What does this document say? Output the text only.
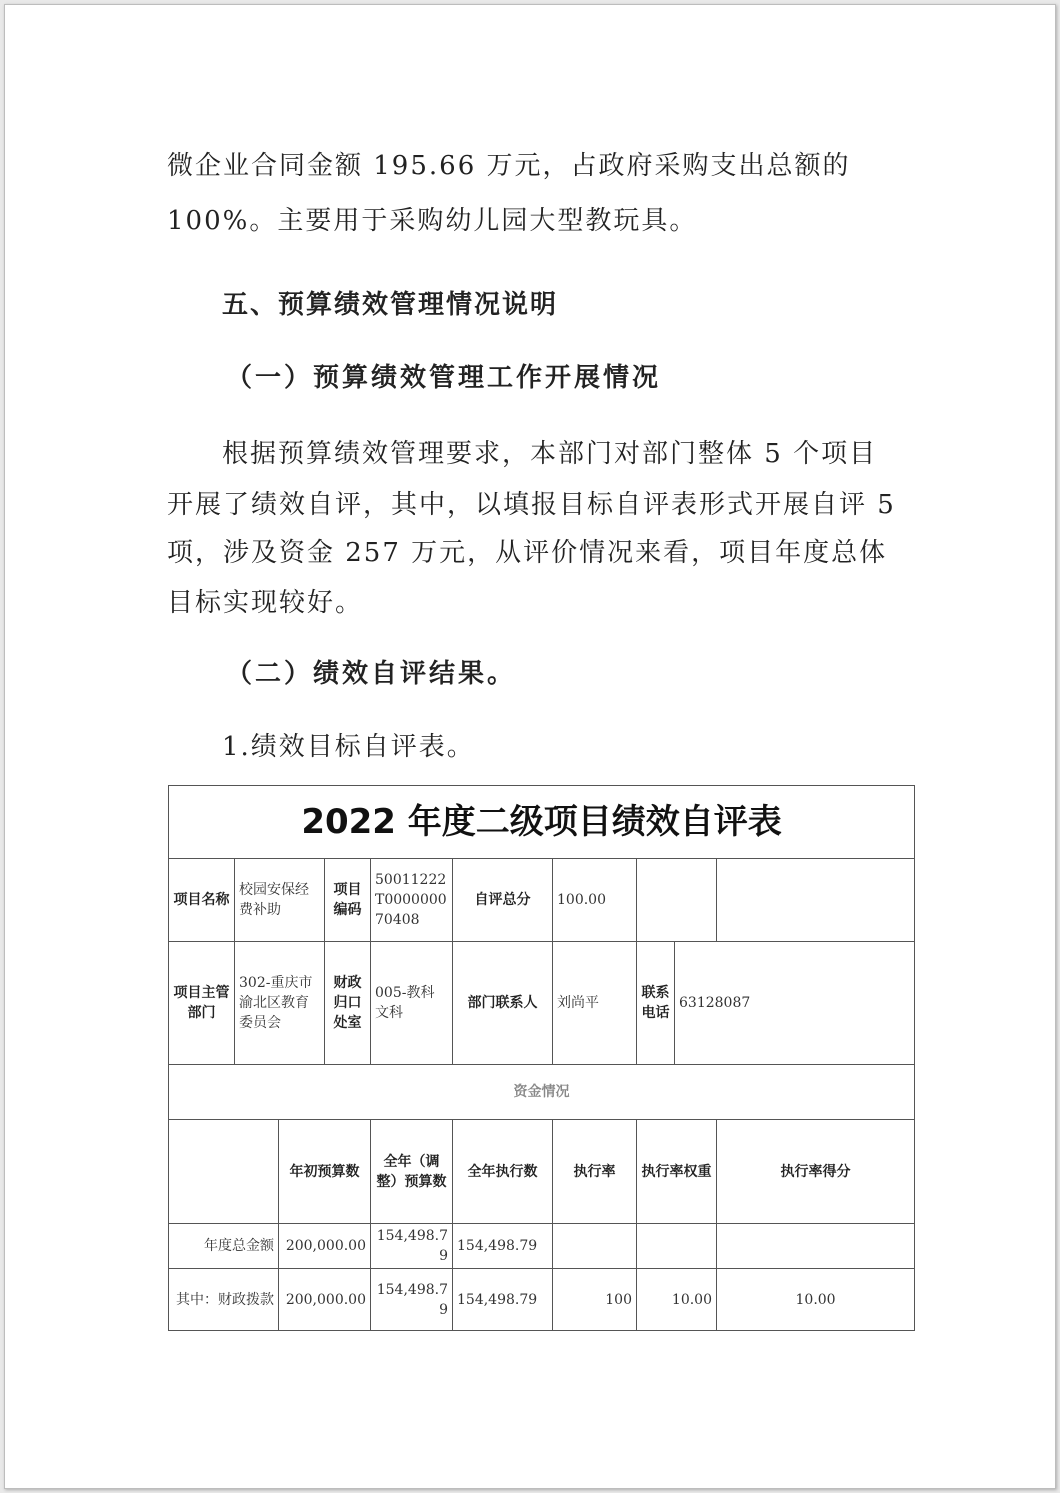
微企业合同金额 195.66 万元，占政府采购支出总额的

100%。主要用于采购幼儿园大型教玩具。

五、预算绩效管理情况说明

（一）预算绩效管理工作开展情况

根据预算绩效管理要求，本部门对部门整体 5 个项目

开展了绩效自评，其中，以填报目标自评表形式开展自评 5

项，涉及资金 257 万元，从评价情况来看，项目年度总体

目标实现较好。

（二）绩效自评结果。

1.绩效目标自评表。

2022 年度二级项目绩效自评表									
项目名称	校园安保经费补助		项目编码	50011222T000000070408	自评总分	100.00			
项目主管部门	302-重庆市渝北区教育委员会		财政归口处室	005-教科文科	部门联系人	刘尚平	联系电话	63128087	
资金情况									
		年初预算数		全年（调整）预算数	全年执行数	执行率	执行率权重		执行率得分
年度总金额		200,000.00		154,498.79	154,498.79				
其中：财政拨款		200,000.00		154,498.79	154,498.79	100	10.00		10.00
